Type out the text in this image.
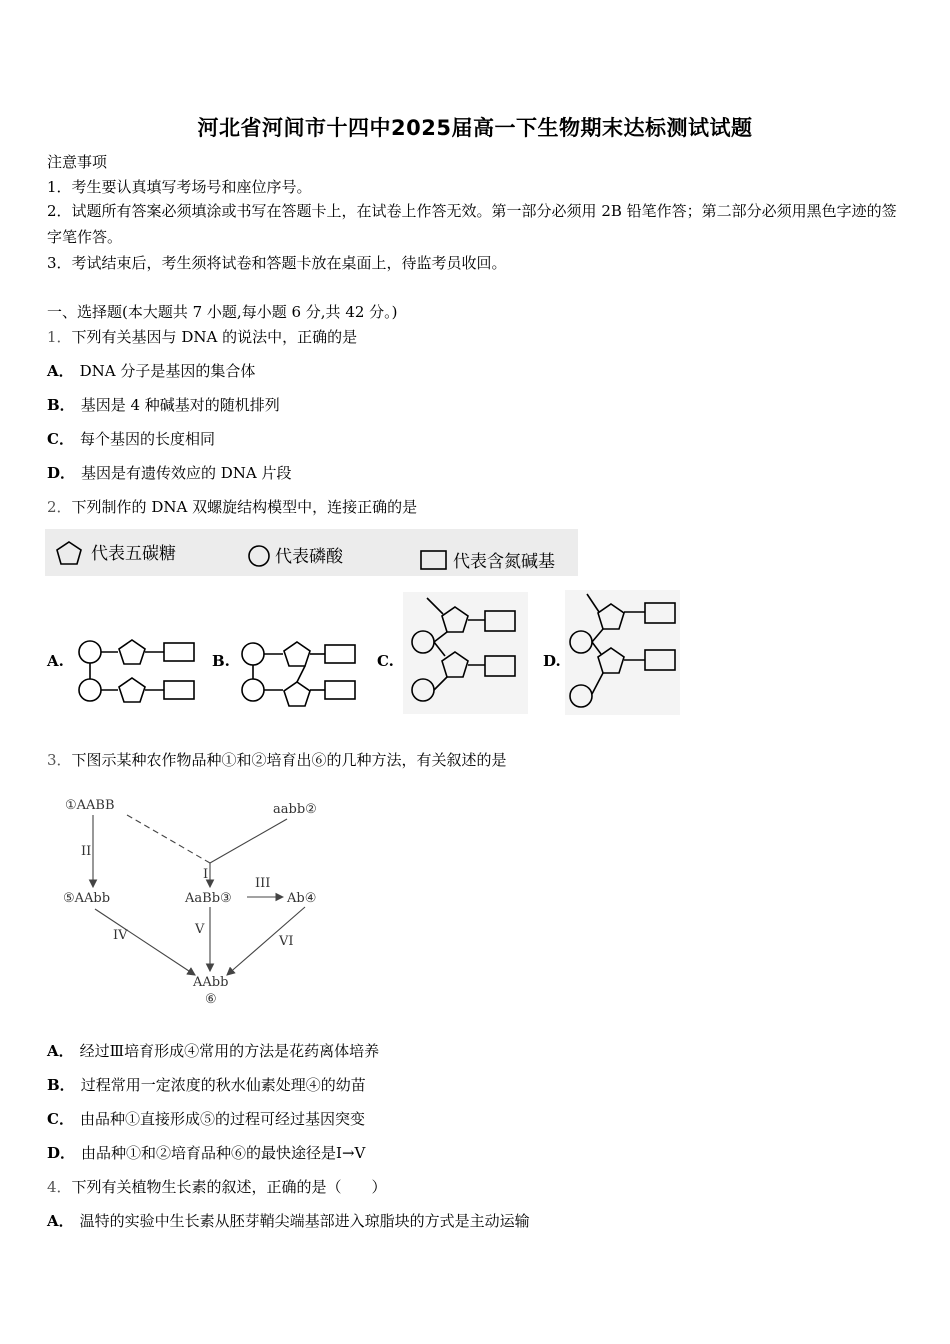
河北省河间市十四中2025届高一下生物期末达标测试试题
注意事项
1．考生要认真填写考场号和座位序号。
2．试题所有答案必须填涂或书写在答题卡上，在试卷上作答无效。第一部分必须用 2B 铅笔作答；第二部分必须用黑色字迹的签字笔作答。
3．考试结束后，考生须将试卷和答题卡放在桌面上，待监考员收回。
一、选择题(本大题共 7 小题,每小题 6 分,共 42 分。)
1．下列有关基因与 DNA 的说法中，正确的是
A． DNA 分子是基因的集合体
B． 基因是 4 种碱基对的随机排列
C． 每个基因的长度相同
D． 基因是有遗传效应的 DNA 片段
2．下列制作的 DNA 双螺旋结构模型中，连接正确的是
代表五碳糖	代表磷酸	代表含氮碱基
A.	B.	C.	D.
3．下图示某种农作物品种①和②培育出⑥的几种方法，有关叙述的是
①AABB	aabb②
⑤AAbb	AaBb③	Ab④
AAbb
⑥
II
I
III
IV	V
VI
A． 经过Ⅲ培育形成④常用的方法是花药离体培养
B． 过程常用一定浓度的秋水仙素处理④的幼苗
C． 由品种①直接形成⑤的过程可经过基因突变
D． 由品种①和②培育品种⑥的最快途径是Ⅰ→Ⅴ
4．下列有关植物生长素的叙述，正确的是（　　）
A． 温特的实验中生长素从胚芽鞘尖端基部进入琼脂块的方式是主动运输
